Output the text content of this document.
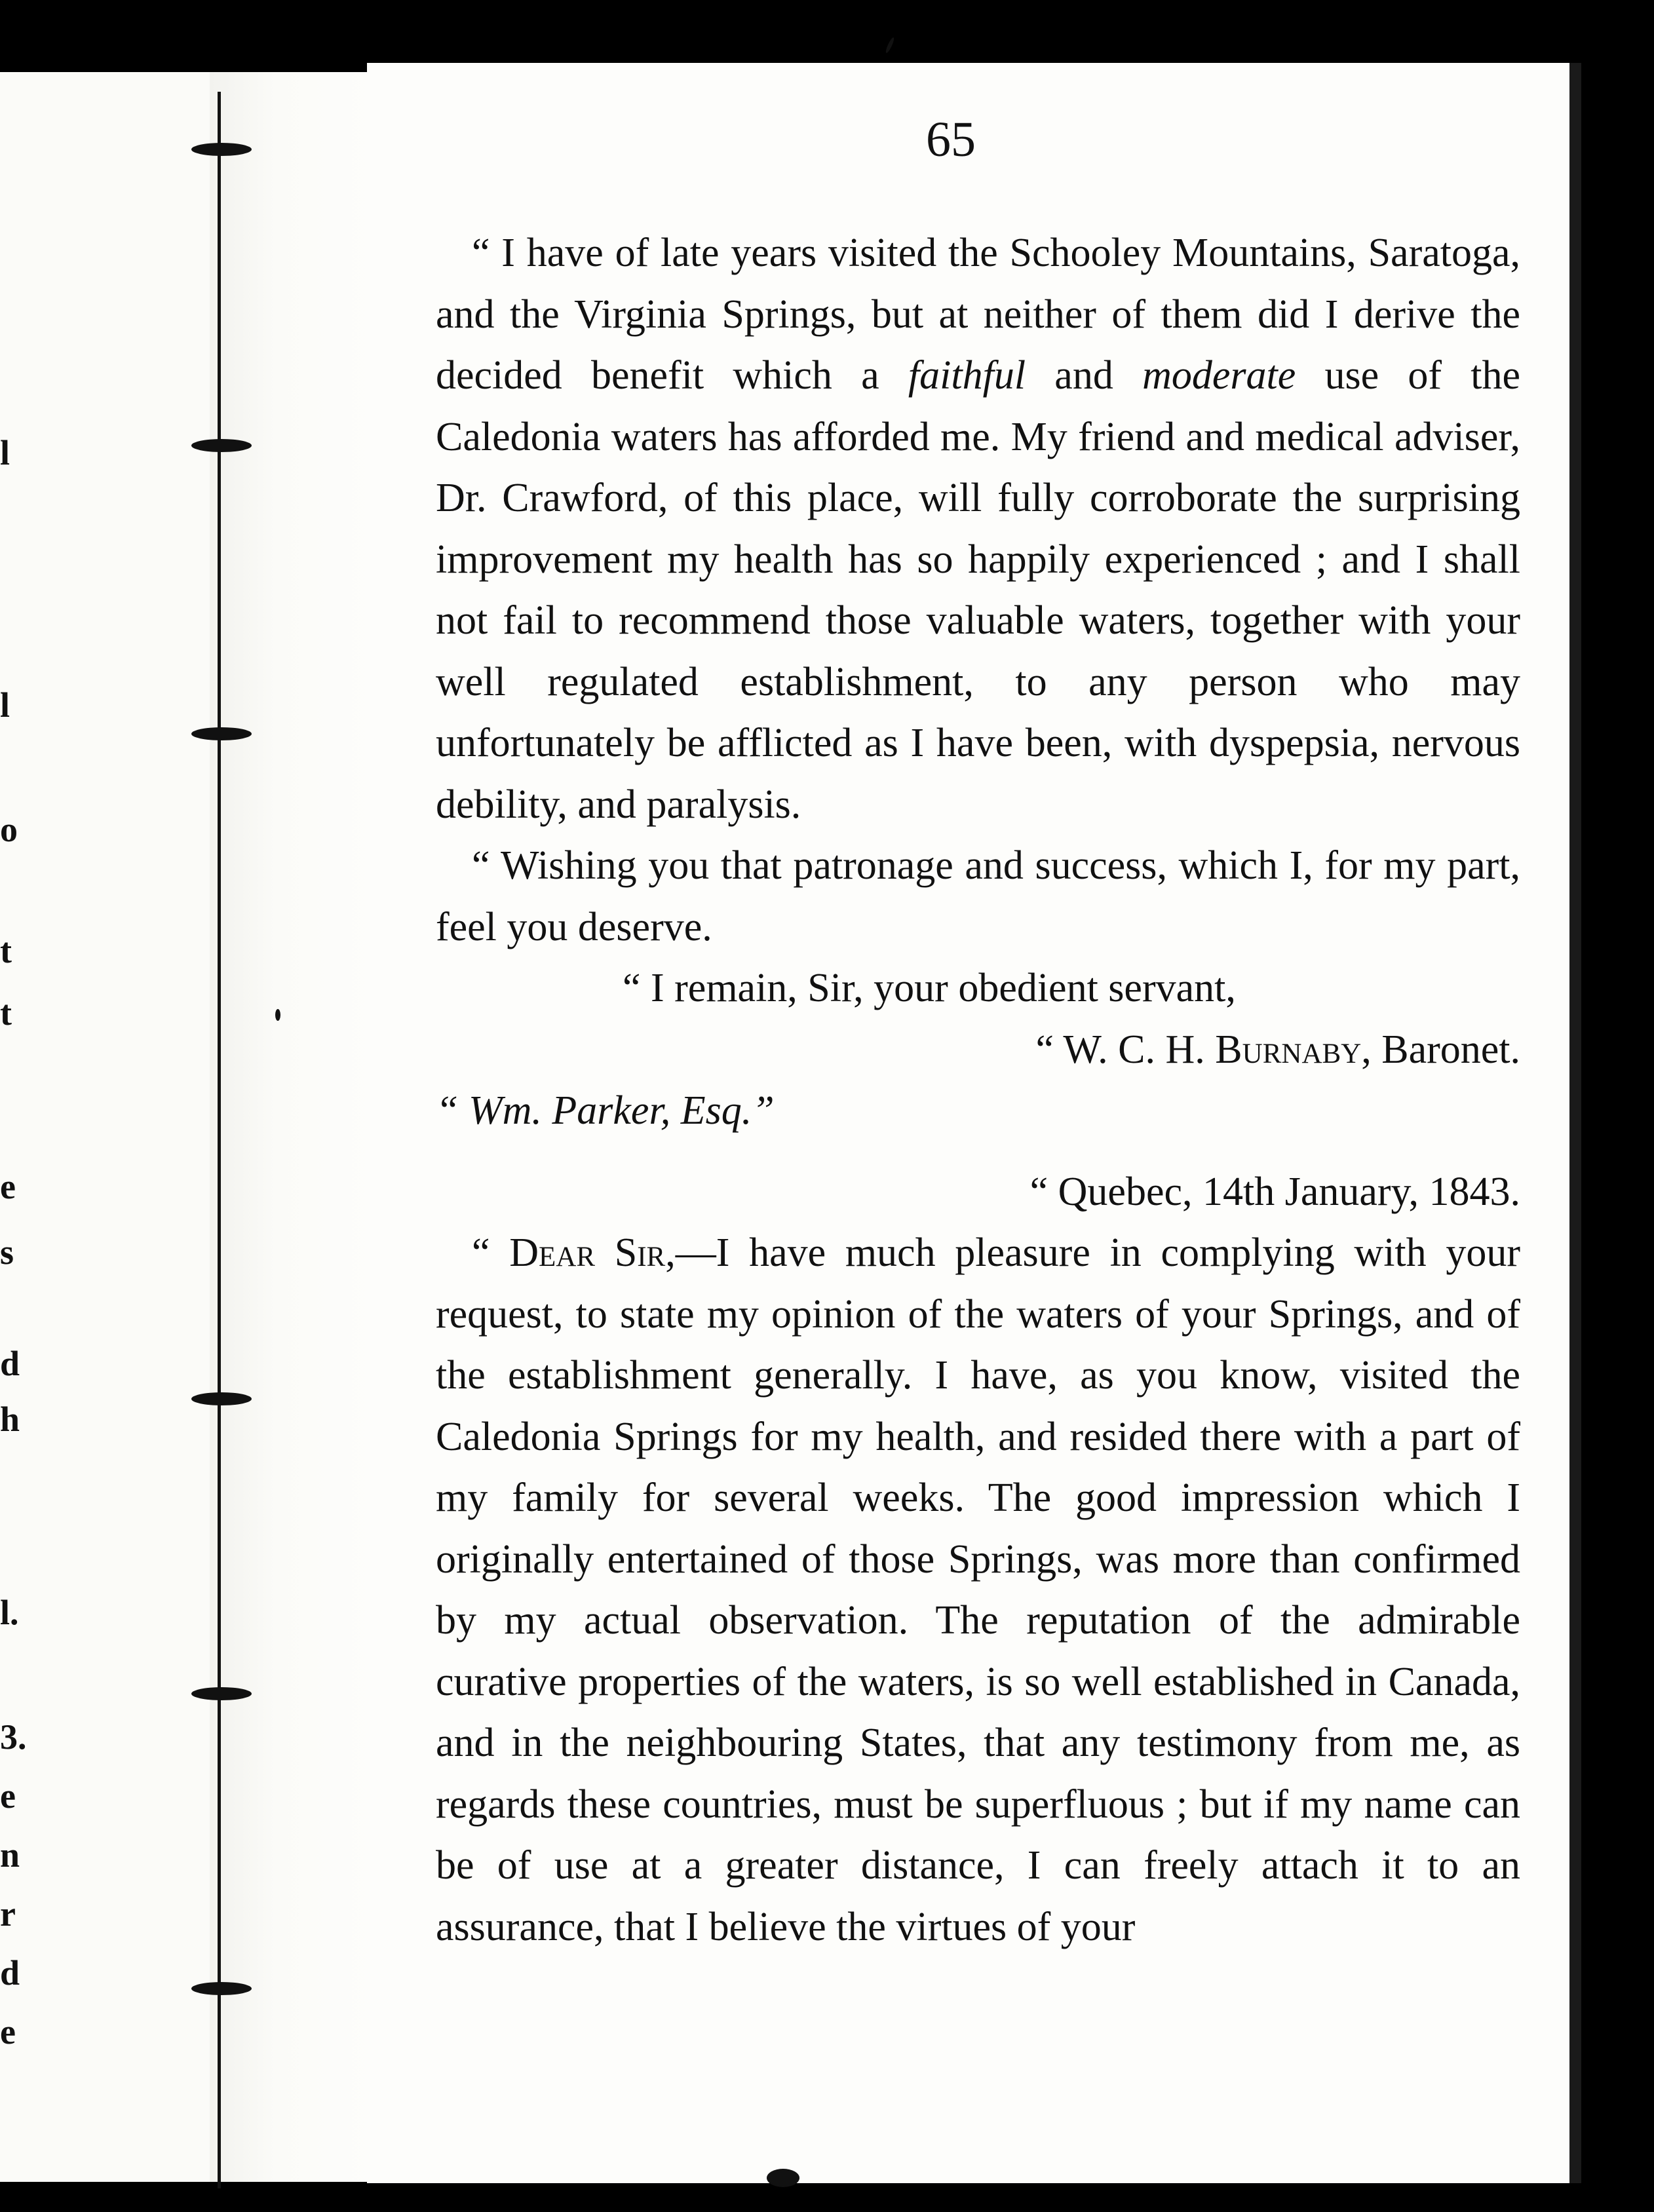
l
l
o
t
t
e
s
d
h
l.
3.
e
n
r
d
e
65

“ I have of late years visited the Schooley Mountains, Saratoga, and the Virginia Springs, but at neither of them did I derive the decided benefit which a faithful and moderate use of the Caledonia waters has afforded me. My friend and medical adviser, Dr. Crawford, of this place, will fully corroborate the surprising improvement my health has so happily experienced ; and I shall not fail to recommend those valuable waters, together with your well regulated establishment, to any person who may unfortunately be afflicted as I have been, with dyspepsia, nervous debility, and paralysis.

“ Wishing you that patronage and success, which I, for my part, feel you deserve.

“ I remain, Sir, your obedient servant,

“ W. C. H. Burnaby, Baronet.

“ Wm. Parker, Esq.”

“ Quebec, 14th January, 1843.

“ Dear Sir,—I have much pleasure in complying with your request, to state my opinion of the waters of your Springs, and of the establishment generally. I have, as you know, visited the Caledonia Springs for my health, and resided there with a part of my family for several weeks. The good impression which I originally entertained of those Springs, was more than confirmed by my actual observation. The reputation of the admirable curative properties of the waters, is so well established in Canada, and in the neighbouring States, that any testimony from me, as regards these countries, must be superfluous ; but if my name can be of use at a greater distance, I can freely attach it to an assurance, that I believe the virtues of your
